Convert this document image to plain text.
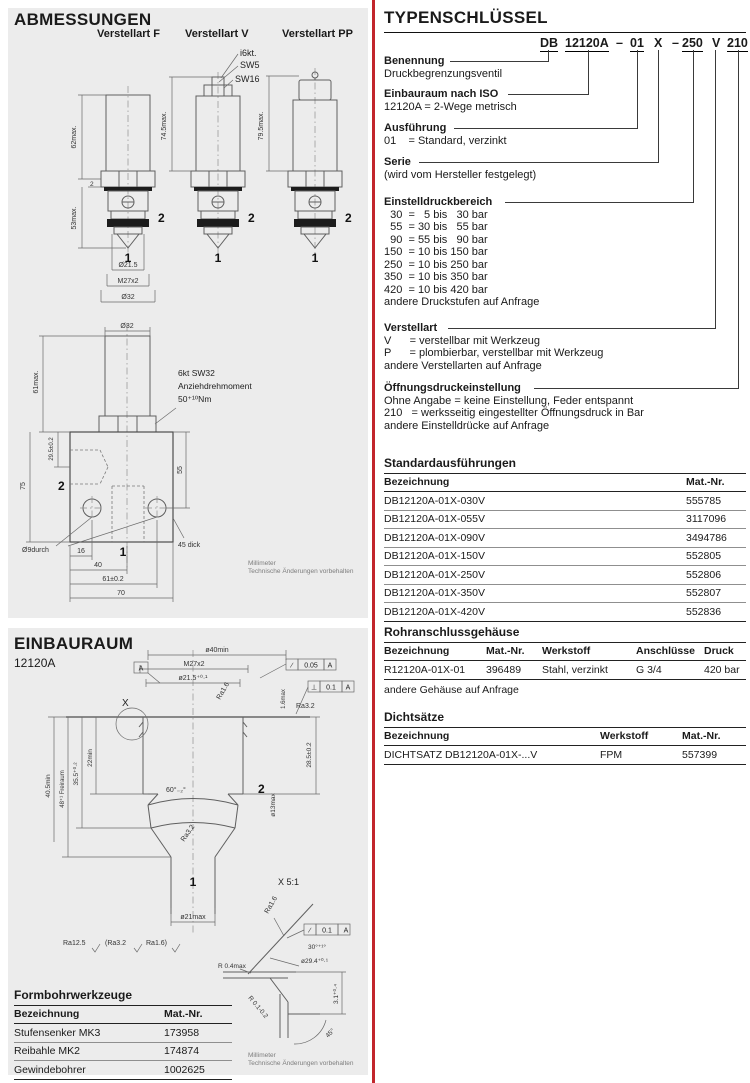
ABMESSUNGEN
Verstellart F Verstellart V	Verstellart PP
62max.
2
53max.
Ø21.5
M27x2
Ø32
2
1
i6kt.
SW5
SW16
74.5max.
2
1
79.5max.
2
1
Ø32
2
1
Ø9durch
45 dick
55
61max.
29.5±0.2
75
6kt SW32
Anziehdrehmoment
50⁺¹⁰Nm
16
40
61±0.2
70
Millimeter
Technische Änderungen vorbehalten
EINBAURAUM
12120A
ø40min
M27x2
ø21.5⁺⁰·¹
A	∕ 0.05 A
⊥ 0.1 A
1.6max
X
Ra1.6
Ra3.2
60°₋₂°	2
ø13max
28.5±0.2
Ra3.2
1
ø21max
22min
35.5⁺⁰·²
48⁺¹ Freiraum
40.5min
Ra12.5	(Ra3.2	Ra1.6)
X 5:1
Ra1.6
R 0.4max
∕ 0.1 A
30°⁺¹°
ø29.4⁺⁰·¹
R 0.1-0.2
3.1⁺⁰·⁴
45°
Formbohrwerkzeuge
Bezeichnung	Mat.-Nr.
Stufensenker MK3	173958
Reibahle MK2	174874
Gewindebohrer	1002625
Millimeter
Technische Änderungen vorbehalten
TYPENSCHLÜSSEL
DB 12120A – 01 X – 250 V 210
Benennung
Druckbegrenzungsventil
Einbauraum nach ISO
12120A = 2-Wege metrisch
Ausführung
01    = Standard, verzinkt
Serie
(wird vom Hersteller festgelegt)
Einstelldruckbereich
30  =   5 bis   30 bar
55  = 30 bis   55 bar
90  = 55 bis   90 bar
150  = 10 bis 150 bar
250  = 10 bis 250 bar
350  = 10 bis 350 bar
420  = 10 bis 420 bar
andere Druckstufen auf Anfrage
Verstellart
V      = verstellbar mit Werkzeug
P      = plombierbar, verstellbar mit Werkzeug
andere Verstellarten auf Anfrage
Öffnungsdruckeinstellung
Ohne Angabe = keine Einstellung, Feder entspannt
210   = werksseitig eingestellter Öffnungsdruck in Bar
andere Einstelldrücke auf Anfrage
Standardausführungen
Bezeichnung	Mat.-Nr.
DB12120A-01X-030V	555785
DB12120A-01X-055V	3117096
DB12120A-01X-090V	3494786
DB12120A-01X-150V	552805
DB12120A-01X-250V	552806
DB12120A-01X-350V	552807
DB12120A-01X-420V	552836
Rohranschlussgehäuse
Bezeichnung	Mat.-Nr.	Werkstoff	Anschlüsse	Druck
R12120A-01X-01	396489	Stahl, verzinkt	G 3/4	420 bar
andere Gehäuse auf Anfrage
Dichtsätze
Bezeichnung	Werkstoff	Mat.-Nr.
DICHTSATZ DB12120A-01X-...V	FPM	557399
